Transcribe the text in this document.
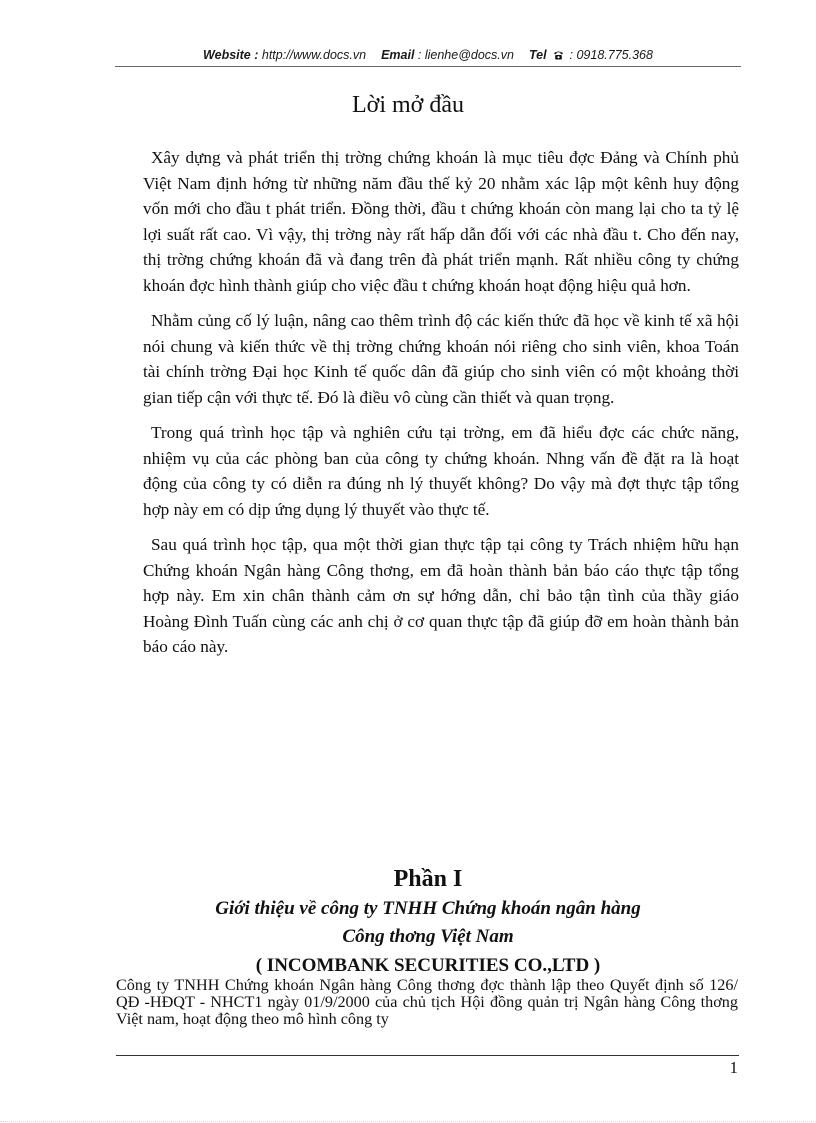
Website : http://www.docs.vn Email : lienhe@docs.vn Tel : 0918.775.368
Lời mở đầu

Xây dựng và phát triển thị trờng chứng khoán là mục tiêu đợc Đảng và Chính phủ Việt Nam định hớng từ những năm đầu thế kỷ 20 nhằm xác lập một kênh huy động vốn mới cho đầu t phát triển. Đồng thời, đầu t chứng khoán còn mang lại cho ta tỷ lệ lợi suất rất cao. Vì vậy, thị trờng này rất hấp dẫn đối với các nhà đầu t. Cho đến nay, thị trờng chứng khoán đã và đang trên đà phát triển mạnh. Rất nhiều công ty chứng khoán đợc hình thành giúp cho việc đầu t chứng khoán hoạt động hiệu quả hơn.

Nhằm củng cố lý luận, nâng cao thêm trình độ các kiến thức đã học về kinh tế xã hội nói chung và kiến thức về thị trờng chứng khoán nói riêng cho sinh viên, khoa Toán tài chính trờng Đại học Kinh tế quốc dân đã giúp cho sinh viên có một khoảng thời gian tiếp cận với thực tế. Đó là điều vô cùng cần thiết và quan trọng.

Trong quá trình học tập và nghiên cứu tại trờng, em đã hiểu đợc các chức năng, nhiệm vụ của các phòng ban của công ty chứng khoán. Nhng vấn đề đặt ra là hoạt động của công ty có diễn ra đúng nh lý thuyết không? Do vậy mà đợt thực tập tổng hợp này em có dịp ứng dụng lý thuyết vào thực tế.

Sau quá trình học tập, qua một thời gian thực tập tại công ty Trách nhiệm hữu hạn Chứng khoán Ngân hàng Công thơng, em đã hoàn thành bản báo cáo thực tập tổng hợp này. Em xin chân thành cảm ơn sự hớng dẫn, chỉ bảo tận tình của thầy giáo Hoàng Đình Tuấn cùng các anh chị ở cơ quan thực tập đã giúp đỡ em hoàn thành bản báo cáo này.

Phần I
Giới thiệu về công ty TNHH Chứng khoán ngân hàng
Công thơng Việt Nam
( INCOMBANK SECURITIES CO.,LTD )

Công ty TNHH Chứng khoán Ngân hàng Công thơng đợc thành lập theo Quyết định số 126/ QĐ -HĐQT - NHCT1 ngày 01/9/2000 của chủ tịch Hội đồng quản trị Ngân hàng Công thơng Việt nam, hoạt động theo mô hình công ty

1
